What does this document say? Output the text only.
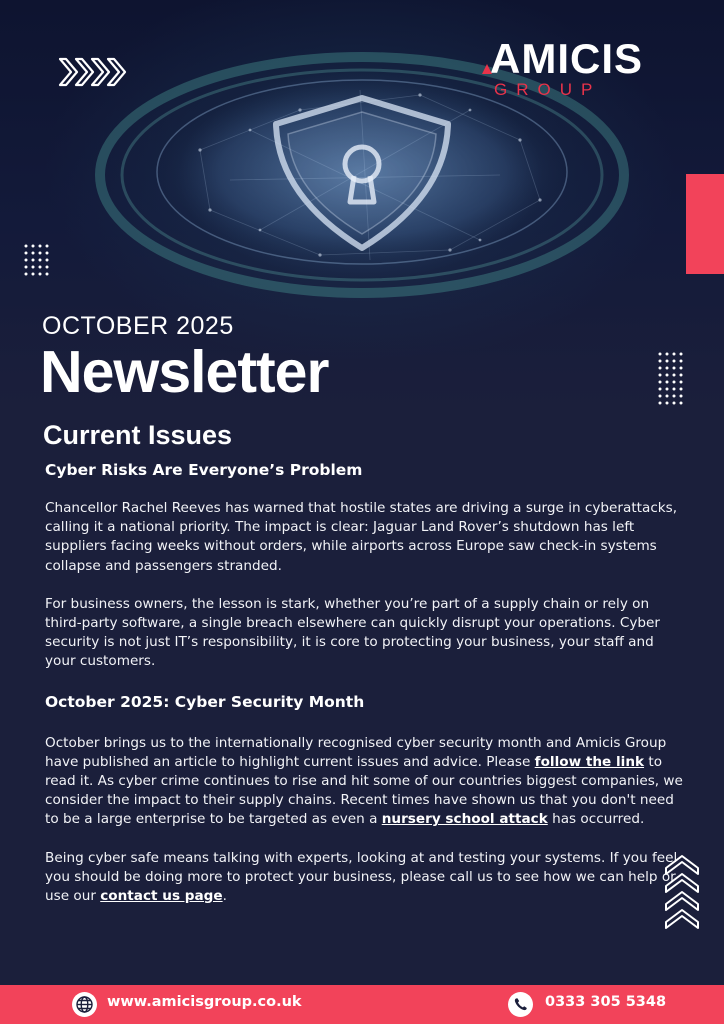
AMICIS
GROUP
OCTOBER 2025
Newsletter
Current Issues
Cyber Risks Are Everyone’s Problem

Chancellor Rachel Reeves has warned that hostile states are driving a surge in cyberattacks, calling it a national priority. The impact is clear: Jaguar Land Rover’s shutdown has left suppliers facing weeks without orders, while airports across Europe saw check-in systems collapse and passengers stranded.

For business owners, the lesson is stark, whether you’re part of a supply chain or rely on third-party software, a single breach elsewhere can quickly disrupt your operations. Cyber security is not just IT’s responsibility, it is core to protecting your business, your staff and your customers.

October 2025: Cyber Security Month

October brings us to the internationally recognised cyber security month and Amicis Group have published an article to highlight current issues and advice. Please follow the link to read it. As cyber crime continues to rise and hit some of our countries biggest companies, we consider the impact to their supply chains. Recent times have shown us that you don't need to be a large enterprise to be targeted as even a nursery school attack has occurred.

Being cyber safe means talking with experts, looking at and testing your systems. If you feel you should be doing more to protect your business, please call us to see how we can help or use our contact us page.

www.amicisgroup.co.uk	0333 305 5348
